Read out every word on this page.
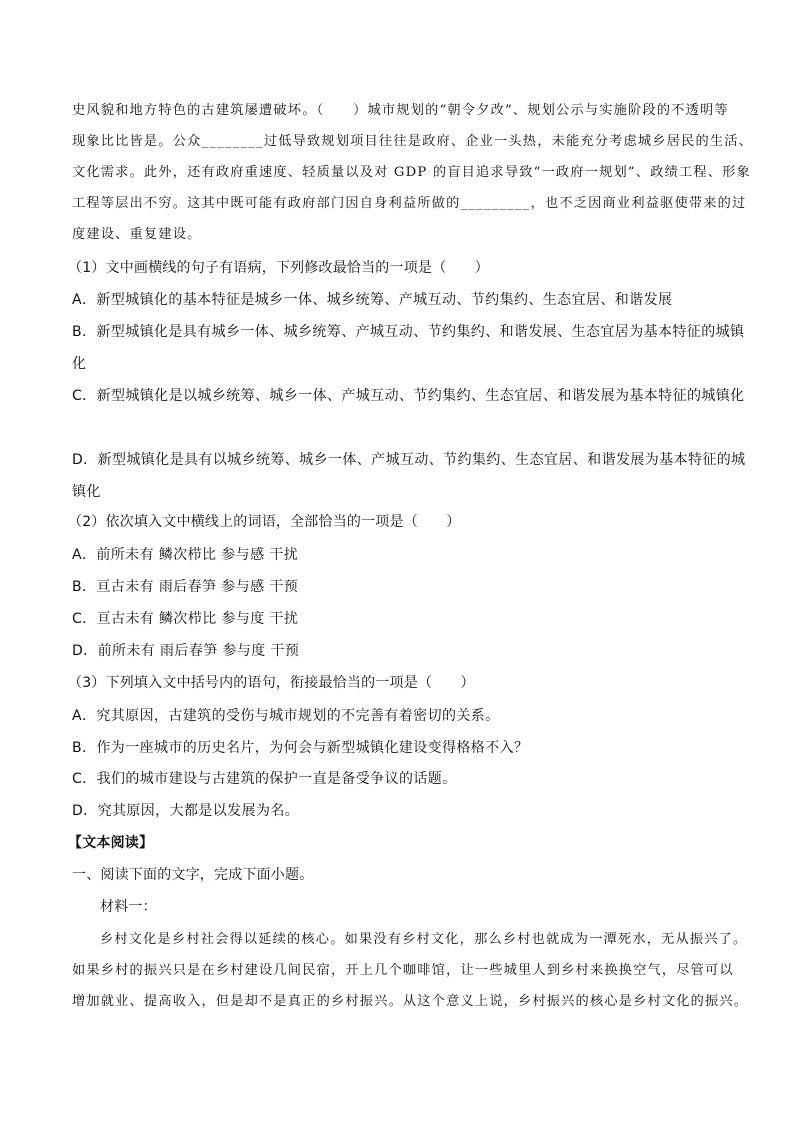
史风貌和地方特色的古建筑屡遭破坏。（　　）城市规划的“朝令夕改”、规划公示与实施阶段的不透明等
现象比比皆是。公众________过低导致规划项目往往是政府、企业一头热，未能充分考虑城乡居民的生活、
文化需求。此外，还有政府重速度、轻质量以及对 GDP 的盲目追求导致“一政府一规划”、政绩工程、形象
工程等层出不穷。这其中既可能有政府部门因自身利益所做的_________，也不乏因商业利益驱使带来的过
度建设、重复建设。
（1）文中画横线的句子有语病，下列修改最恰当的一项是（　　）
A．新型城镇化的基本特征是城乡一体、城乡统筹、产城互动、节约集约、生态宜居、和谐发展
B．新型城镇化是具有城乡一体、城乡统筹、产城互动、节约集约、和谐发展、生态宜居为基本特征的城镇
化
C．新型城镇化是以城乡统筹、城乡一体、产城互动、节约集约、生态宜居、和谐发展为基本特征的城镇化
D．新型城镇化是具有以城乡统筹、城乡一体、产城互动、节约集约、生态宜居、和谐发展为基本特征的城
镇化
（2）依次填入文中横线上的词语，全部恰当的一项是（　　）
A．前所未有 鳞次栉比 参与感 干扰
B．亘古未有 雨后春笋 参与感 干预
C．亘古未有 鳞次栉比 参与度 干扰
D．前所未有 雨后春笋 参与度 干预
（3）下列填入文中括号内的语句，衔接最恰当的一项是（　　）
A．究其原因，古建筑的受伤与城市规划的不完善有着密切的关系。
B．作为一座城市的历史名片，为何会与新型城镇化建设变得格格不入？
C．我们的城市建设与古建筑的保护一直是备受争议的话题。
D．究其原因，大都是以发展为名。
【文本阅读】
一、阅读下面的文字，完成下面小题。
材料一：
乡村文化是乡村社会得以延续的核心。如果没有乡村文化，那么乡村也就成为一潭死水，无从振兴了。
如果乡村的振兴只是在乡村建设几间民宿，开上几个咖啡馆，让一些城里人到乡村来换换空气，尽管可以
增加就业、提高收入，但是却不是真正的乡村振兴。从这个意义上说，乡村振兴的核心是乡村文化的振兴。
